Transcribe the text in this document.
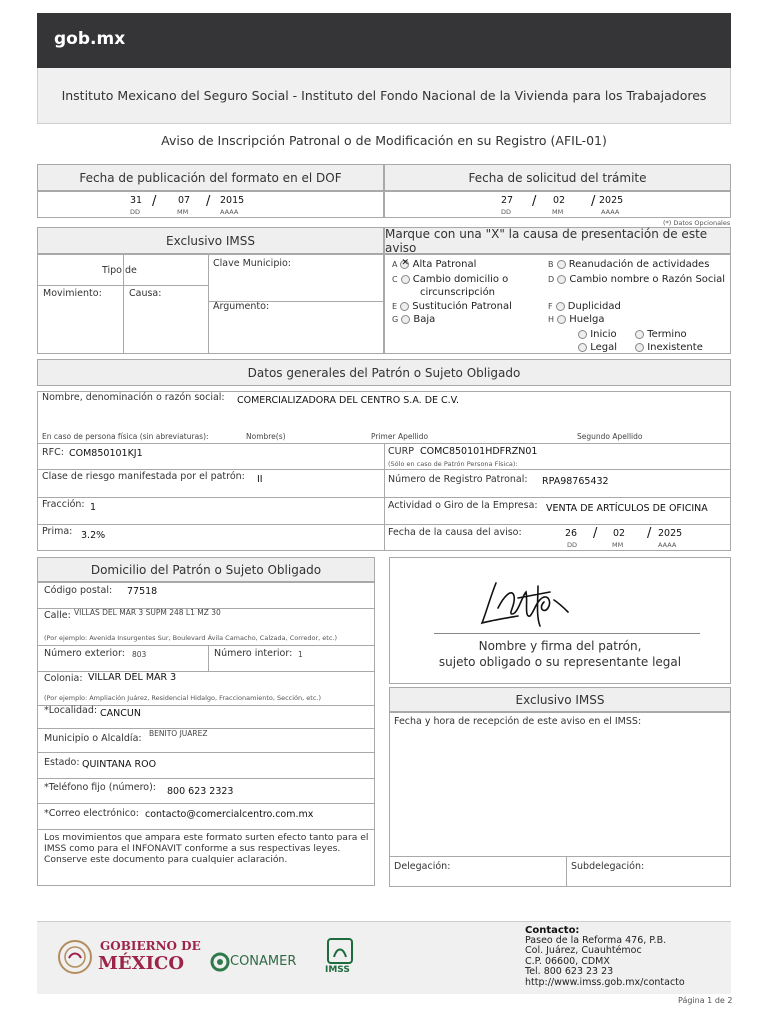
gob.mx
Instituto Mexicano del Seguro Social - Instituto del Fondo Nacional de la Vivienda para los Trabajadores
Aviso de Inscripción Patronal o de Modificación en su Registro (AFIL-01)
Fecha de publicación del formato en el DOF	Fecha de solicitud del trámite
31
DD
/ 07
MM
/ 2015
AAAA
27
DD
/ 02
MM
/ 2025
AAAA
(*) Datos Opcionales
Exclusivo IMSS
Tipo de
Movimiento:	Causa:
Clave Municipio:
Argumento:
Marque con una "X" la causa de presentación de este aviso
A✕ Alta Patronal	B Reanudación de actividades
C Cambio domicilio o
circunscripción
D Cambio nombre o Razón Social
E Sustitución Patronal	F Duplicidad
G Baja	H Huelga
Inicio	Termino
Legal	Inexistente
Datos generales del Patrón o Sujeto Obligado
Nombre, denominación o razón social: COMERCIALIZADORA DEL CENTRO S.A. DE C.V.
En caso de persona física (sin abreviaturas):	Nombre(s)	Primer Apellido	Segundo Apellido
RFC: COM850101KJ1	CURP COMC850101HDFRZN01
(Sólo en caso de Patrón Persona Física):
Clase de riesgo manifestada por el patrón: II	Número de Registro Patronal: RPA98765432
Fracción: 1	Actividad o Giro de la Empresa: VENTA DE ARTÍCULOS DE OFICINA
Prima: 3.2%	Fecha de la causa del aviso:	26
DD
/ 02
MM
/ 2025
AAAA
Domicilio del Patrón o Sujeto Obligado
Código postal: 77518
Calle: VILLAS DEL MAR 3 SUPM 248 L1 MZ 30
(Por ejemplo: Avenida Insurgentes Sur, Boulevard Ávila Camacho, Calzada, Corredor, etc.)
Número exterior: 803	Número interior: 1
Colonia: VILLAR DEL MAR 3
(Por ejemplo: Ampliación Juárez, Residencial Hidalgo, Fraccionamiento, Sección, etc.)
*Localidad: CANCUN
Municipio o Alcaldía: BENITO JUAREZ
Estado: QUINTANA ROO
*Teléfono fijo (número): 800 623 2323
*Correo electrónico: contacto@comercialcentro.com.mx
Los movimientos que ampara este formato surten efecto tanto para el IMSS como para el INFONAVIT conforme a sus respectivas leyes.
Conserve este documento para cualquier aclaración.
Nombre y firma del patrón,
sujeto obligado o su representante legal
Exclusivo IMSS
Fecha y hora de recepción de este aviso en el IMSS:
Delegación:	Subdelegación:
GOBIERNO DE
MÉXICO	CONAMER
IMSS
Contacto:
Paseo de la Reforma 476, P.B.
Col. Juárez, Cuauhtémoc
C.P. 06600, CDMX
Tel. 800 623 23 23
http://www.imss.gob.mx/contacto
Página 1 de 2
